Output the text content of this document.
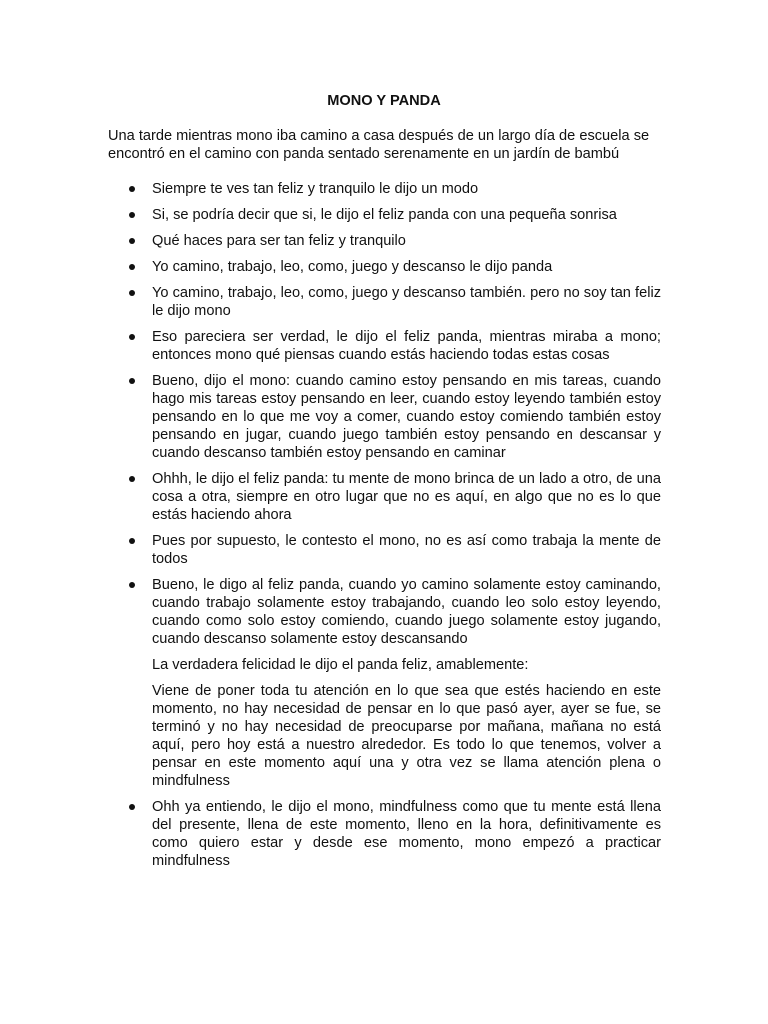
MONO Y PANDA

Una tarde mientras mono iba camino a casa después de un largo día de escuela se encontró en el camino con panda sentado serenamente en un jardín de bambú

Siempre te ves tan feliz y tranquilo le dijo un modo
Si, se podría decir que si, le dijo el feliz panda con una pequeña sonrisa
Qué haces para ser tan feliz y tranquilo
Yo camino, trabajo, leo, como, juego y descanso le dijo panda
Yo camino, trabajo, leo, como, juego y descanso también. pero no soy tan feliz le dijo mono
Eso pareciera ser verdad, le dijo el feliz panda, mientras miraba a mono; entonces mono qué piensas cuando estás haciendo todas estas cosas
Bueno, dijo el mono: cuando camino estoy pensando en mis tareas, cuando hago mis tareas estoy pensando en leer, cuando estoy leyendo también estoy pensando en lo que me voy a comer, cuando estoy comiendo también estoy pensando en jugar, cuando juego también estoy pensando en descansar y cuando descanso también estoy pensando en caminar
Ohhh, le dijo el feliz panda: tu mente de mono brinca de un lado a otro, de una cosa a otra, siempre en otro lugar que no es aquí, en algo que no es lo que estás haciendo ahora
Pues por supuesto, le contesto el mono, no es así como trabaja la mente de todos
Bueno, le digo al feliz panda, cuando yo camino solamente estoy caminando, cuando trabajo solamente estoy trabajando, cuando leo solo estoy leyendo, cuando como solo estoy comiendo, cuando juego solamente estoy jugando, cuando descanso solamente estoy descansando
La verdadera felicidad le dijo el panda feliz, amablemente:
Viene de poner toda tu atención en lo que sea que estés haciendo en este momento, no hay necesidad de pensar en lo que pasó ayer, ayer se fue, se terminó y no hay necesidad de preocuparse por mañana, mañana no está aquí, pero hoy está a nuestro alrededor. Es todo lo que tenemos, volver a pensar en este momento aquí una y otra vez se llama atención plena o mindfulness
Ohh ya entiendo, le dijo el mono, mindfulness como que tu mente está llena del presente, llena de este momento, lleno en la hora, definitivamente es como quiero estar y desde ese momento, mono empezó a practicar mindfulness
